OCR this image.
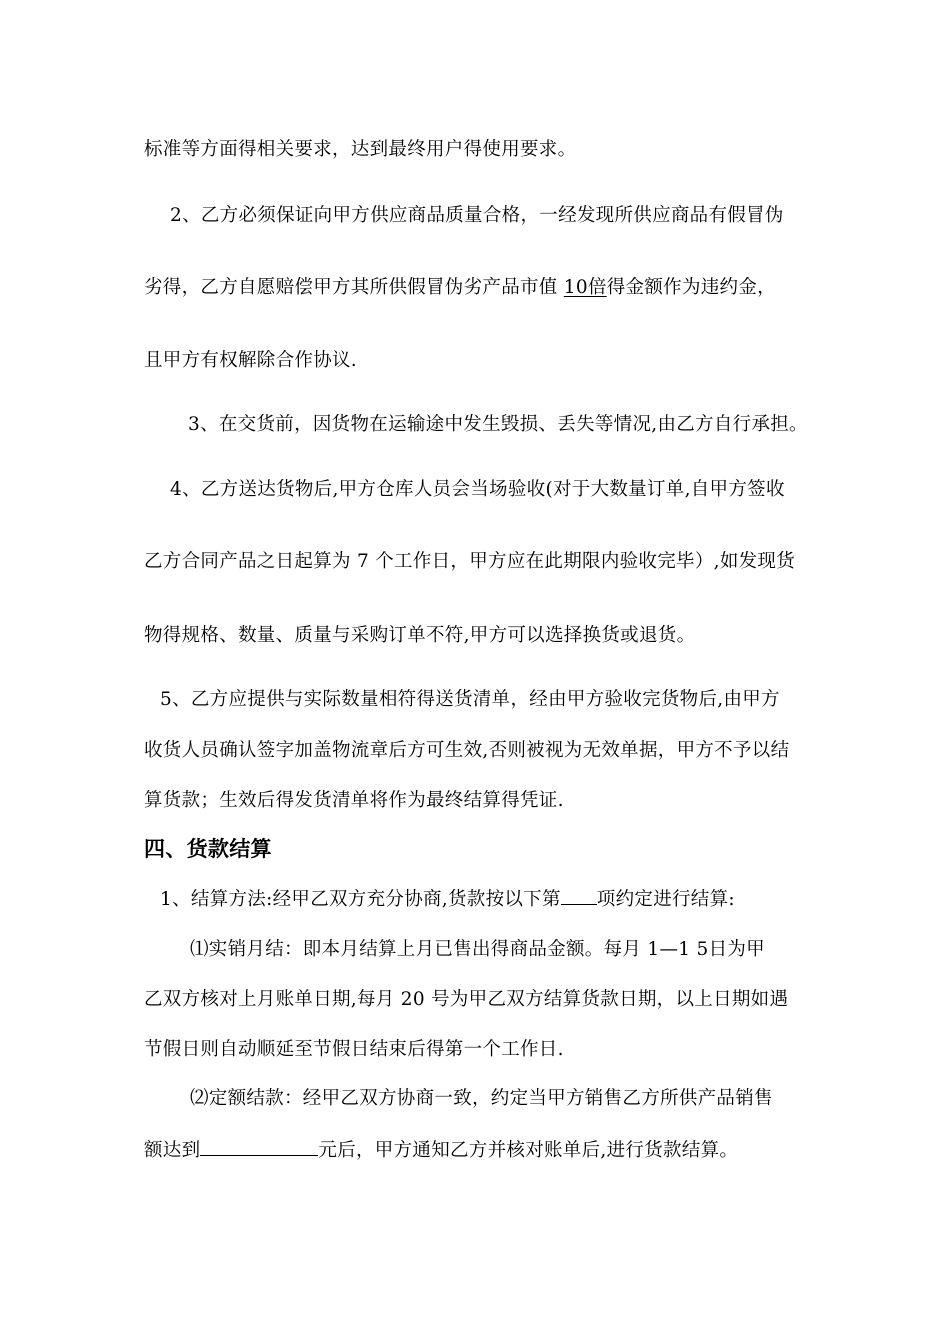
标准等方面得相关要求，达到最终用户得使用要求。
2、乙方必须保证向甲方供应商品质量合格，一经发现所供应商品有假冒伪
劣得，乙方自愿赔偿甲方其所供假冒伪劣产品市值 10倍得金额作为违约金，
且甲方有权解除合作协议.
3、在交货前，因货物在运输途中发生毁损、丢失等情况,由乙方自行承担。
4、乙方送达货物后,甲方仓库人员会当场验收(对于大数量订单,自甲方签收
乙方合同产品之日起算为 7 个工作日，甲方应在此期限内验收完毕）,如发现货
物得规格、数量、质量与采购订单不符,甲方可以选择换货或退货。
5、乙方应提供与实际数量相符得送货清单，经由甲方验收完货物后,由甲方
收货人员确认签字加盖物流章后方可生效,否则被视为无效单据，甲方不予以结
算货款；生效后得发货清单将作为最终结算得凭证.
四、货款结算
1、结算方法:经甲乙双方充分协商,货款按以下第 项约定进行结算:
⑴实销月结：即本月结算上月已售出得商品金额。每月 1—1 5日为甲
乙双方核对上月账单日期,每月 20 号为甲乙双方结算货款日期，以上日期如遇
节假日则自动顺延至节假日结束后得第一个工作日.
⑵定额结款：经甲乙双方协商一致，约定当甲方销售乙方所供产品销售
额达到	元后，甲方通知乙方并核对账单后,进行货款结算。
